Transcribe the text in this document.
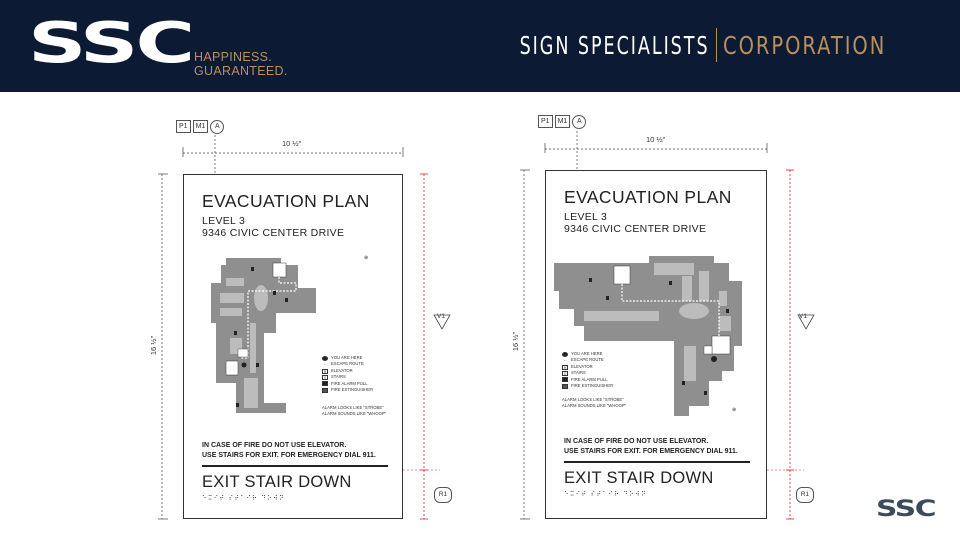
SSC HAPPINESS.
GUARANTEED.
SIGN SPECIALISTS CORPORATION
P1	M1	A
10 ½"
16 ½"
V1
R1
EVACUATION PLAN
LEVEL 3
9346 CIVIC CENTER DRIVE
⊕
YOU ARE HERE
← ESCAPE ROUTE
✕	ELEVATOR
≡	STAIRS
FIRE ALARM PULL
FIRE EXTINGUISHER
ALARM LOOKS LIKE "STROBE"
ALARM SOUNDS LIKE "WHOOP"
IN CASE OF FIRE DO NOT USE ELEVATOR.
USE STAIRS FOR EXIT. FOR EMERGENCY DIAL 911.
EXIT STAIR DOWN
⠑⠭⠊⠞ ⠎⠞⠁⠊⠗ ⠙⠕⠺⠝
P1	M1	A
10 ½"
16 ½"
V1
R1
EVACUATION PLAN
LEVEL 3
9346 CIVIC CENTER DRIVE
⊕
YOU ARE HERE
← ESCAPE ROUTE
✕	ELEVATOR
≡	STAIRS
FIRE ALARM PULL
FIRE EXTINGUISHER
ALARM LOOKS LIKE "STROBE"
ALARM SOUNDS LIKE "WHOOP"
IN CASE OF FIRE DO NOT USE ELEVATOR.
USE STAIRS FOR EXIT. FOR EMERGENCY DIAL 911.
EXIT STAIR DOWN
⠑⠭⠊⠞ ⠎⠞⠁⠊⠗ ⠙⠕⠺⠝
SSC
